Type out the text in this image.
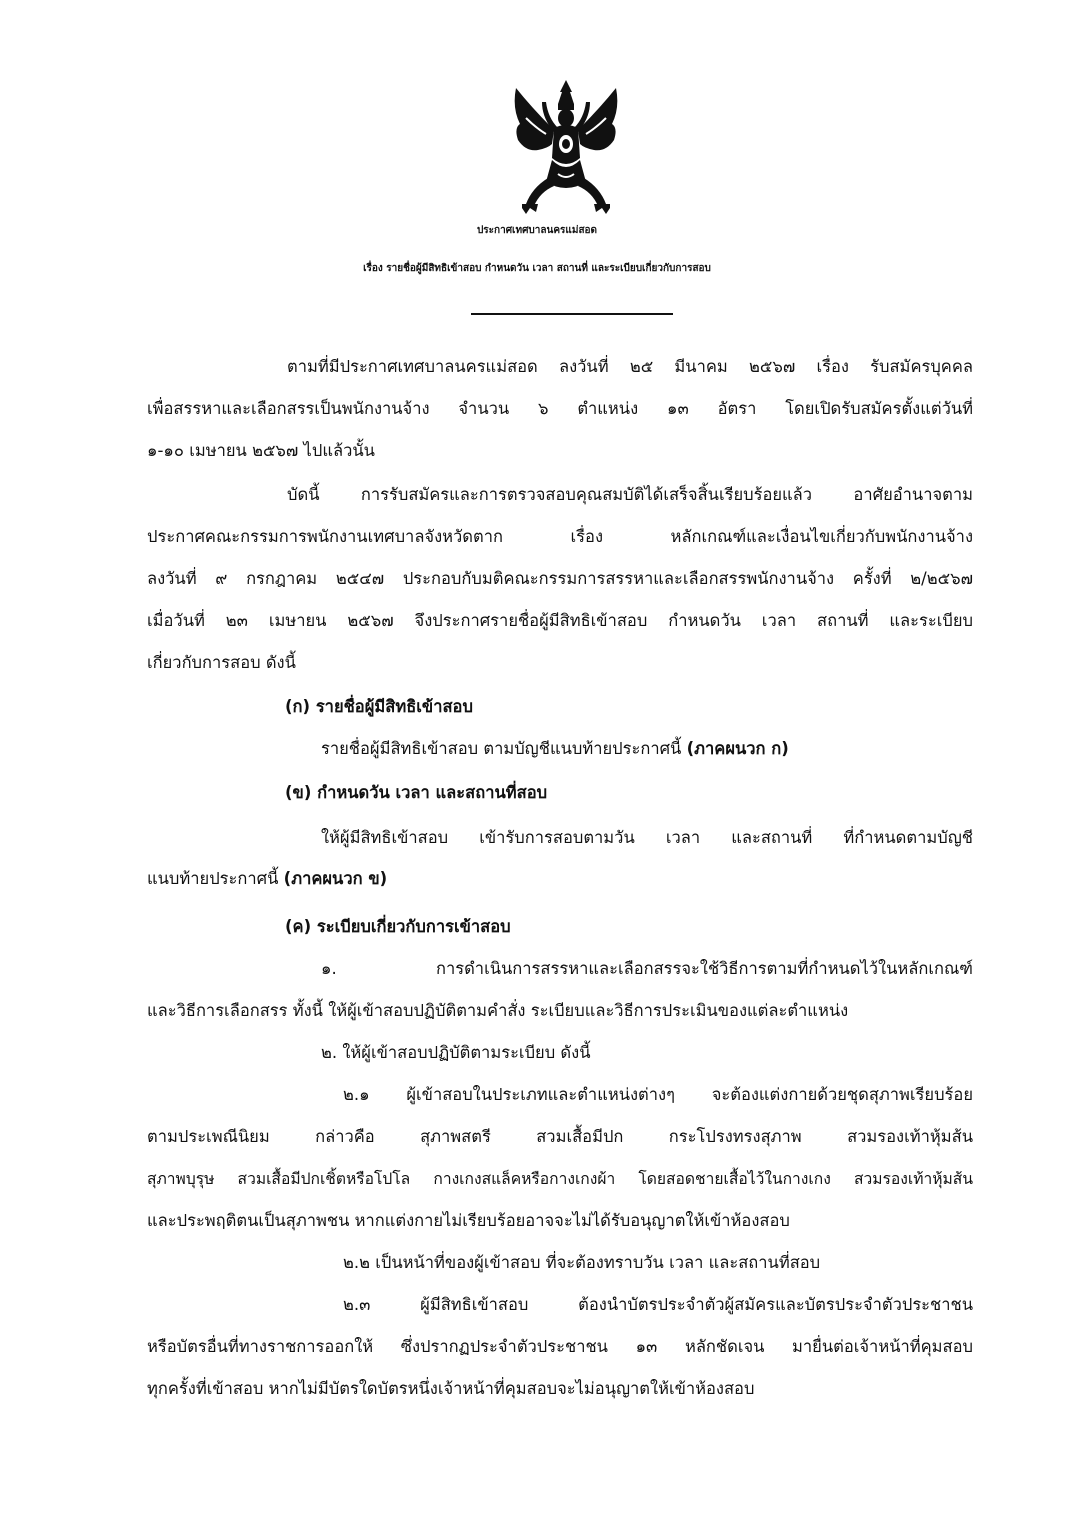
ประกาศเทศบาลนครแม่สอด
เรื่อง รายชื่อผู้มีสิทธิเข้าสอบ กำหนดวัน เวลา สถานที่ และระเบียบเกี่ยวกับการสอบ
ตามที่มีประกาศเทศบาลนครแม่สอด ลงวันที่ ๒๕ มีนาคม ๒๕๖๗ เรื่อง รับสมัครบุคคล
เพื่อสรรหาและเลือกสรรเป็นพนักงานจ้าง จำนวน ๖ ตำแหน่ง ๑๓ อัตรา โดยเปิดรับสมัครตั้งแต่วันที่
๑-๑๐ เมษายน ๒๕๖๗ ไปแล้วนั้น
บัดนี้ การรับสมัครและการตรวจสอบคุณสมบัติได้เสร็จสิ้นเรียบร้อยแล้ว อาศัยอำนาจตาม
ประกาศคณะกรรมการพนักงานเทศบาลจังหวัดตาก เรื่อง หลักเกณฑ์และเงื่อนไขเกี่ยวกับพนักงานจ้าง
ลงวันที่ ๙ กรกฎาคม ๒๕๔๗ ประกอบกับมติคณะกรรมการสรรหาและเลือกสรรพนักงานจ้าง ครั้งที่ ๒/๒๕๖๗
เมื่อวันที่ ๒๓ เมษายน ๒๕๖๗ จึงประกาศรายชื่อผู้มีสิทธิเข้าสอบ กำหนดวัน เวลา สถานที่ และระเบียบ
เกี่ยวกับการสอบ ดังนี้
(ก) รายชื่อผู้มีสิทธิเข้าสอบ
รายชื่อผู้มีสิทธิเข้าสอบ ตามบัญชีแนบท้ายประกาศนี้ (ภาคผนวก ก)
(ข) กำหนดวัน เวลา และสถานที่สอบ
ให้ผู้มีสิทธิเข้าสอบ เข้ารับการสอบตามวัน เวลา และสถานที่ ที่กำหนดตามบัญชี
แนบท้ายประกาศนี้ (ภาคผนวก ข)
(ค) ระเบียบเกี่ยวกับการเข้าสอบ
๑. การดำเนินการสรรหาและเลือกสรรจะใช้วิธีการตามที่กำหนดไว้ในหลักเกณฑ์
และวิธีการเลือกสรร ทั้งนี้ ให้ผู้เข้าสอบปฏิบัติตามคำสั่ง ระเบียบและวิธีการประเมินของแต่ละตำแหน่ง
๒. ให้ผู้เข้าสอบปฏิบัติตามระเบียบ ดังนี้
๒.๑ ผู้เข้าสอบในประเภทและตำแหน่งต่างๆ จะต้องแต่งกายด้วยชุดสุภาพเรียบร้อย
ตามประเพณีนิยม กล่าวคือ สุภาพสตรี สวมเสื้อมีปก กระโปรงทรงสุภาพ สวมรองเท้าหุ้มส้น
สุภาพบุรุษ สวมเสื้อมีปกเชิ้ตหรือโปโล กางเกงสแล็คหรือกางเกงผ้า โดยสอดชายเสื้อไว้ในกางเกง สวมรองเท้าหุ้มส้น
และประพฤติตนเป็นสุภาพชน หากแต่งกายไม่เรียบร้อยอาจจะไม่ได้รับอนุญาตให้เข้าห้องสอบ
๒.๒ เป็นหน้าที่ของผู้เข้าสอบ ที่จะต้องทราบวัน เวลา และสถานที่สอบ
๒.๓ ผู้มีสิทธิเข้าสอบ ต้องนำบัตรประจำตัวผู้สมัครและบัตรประจำตัวประชาชน
หรือบัตรอื่นที่ทางราชการออกให้ ซึ่งปรากฏประจำตัวประชาชน ๑๓ หลักชัดเจน มายื่นต่อเจ้าหน้าที่คุมสอบ
ทุกครั้งที่เข้าสอบ หากไม่มีบัตรใดบัตรหนึ่งเจ้าหน้าที่คุมสอบจะไม่อนุญาตให้เข้าห้องสอบ
